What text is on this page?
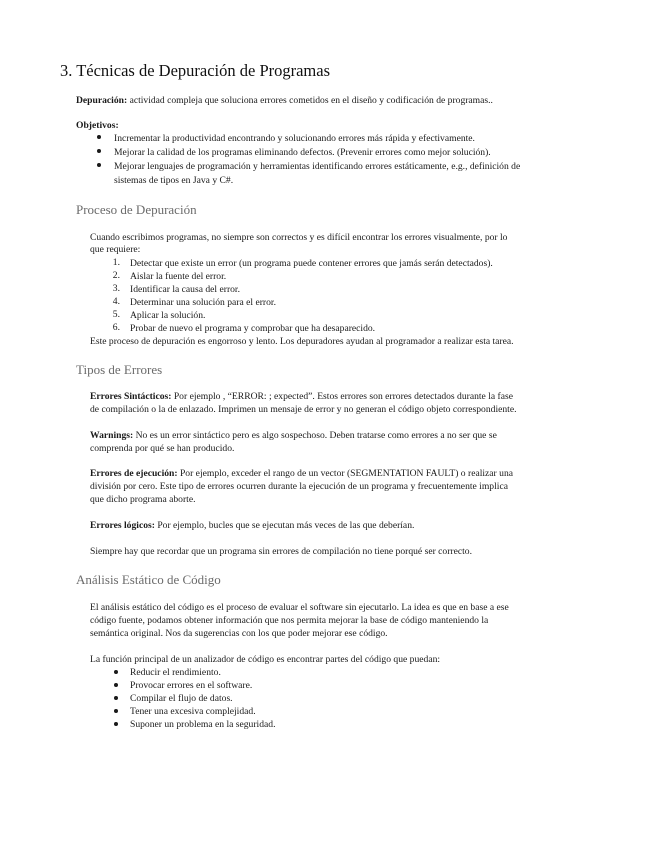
3. Técnicas de Depuración de Programas
Depuración: actividad compleja que soluciona errores cometidos en el diseño y codificación de programas..
Objetivos:
Incrementar la productividad encontrando y solucionando errores más rápida y efectivamente.
Mejorar la calidad de los programas eliminando defectos. (Prevenir errores como mejor solución).
Mejorar lenguajes de programación y herramientas identificando errores estáticamente, e.g., definición de
sistemas de tipos en Java y C#.
Proceso de Depuración
Cuando escribimos programas, no siempre son correctos y es difícil encontrar los errores visualmente, por lo
que requiere:
1. Detectar que existe un error (un programa puede contener errores que jamás serán detectados).
2. Aislar la fuente del error.
3. Identificar la causa del error.
4. Determinar una solución para el error.
5. Aplicar la solución.
6. Probar de nuevo el programa y comprobar que ha desaparecido.
Este proceso de depuración es engorroso y lento. Los depuradores ayudan al programador a realizar esta tarea.
Tipos de Errores
Errores Sintácticos: Por ejemplo , “ERROR: ; expected”. Estos errores son errores detectados durante la fase
de compilación o la de enlazado. Imprimen un mensaje de error y no generan el código objeto correspondiente.
Warnings: No es un error sintáctico pero es algo sospechoso. Deben tratarse como errores a no ser que se
comprenda por qué se han producido.
Errores de ejecución: Por ejemplo, exceder el rango de un vector (SEGMENTATION FAULT) o realizar una
división por cero. Este tipo de errores ocurren durante la ejecución de un programa y frecuentemente implica
que dicho programa aborte.
Errores lógicos: Por ejemplo, bucles que se ejecutan más veces de las que deberían.
Siempre hay que recordar que un programa sin errores de compilación no tiene porqué ser correcto.
Análisis Estático de Código
El análisis estático del código es el proceso de evaluar el software sin ejecutarlo. La idea es que en base a ese
código fuente, podamos obtener información que nos permita mejorar la base de código manteniendo la
semántica original. Nos da sugerencias con los que poder mejorar ese código.
La función principal de un analizador de código es encontrar partes del código que puedan:
Reducir el rendimiento.
Provocar errores en el software.
Compilar el flujo de datos.
Tener una excesiva complejidad.
Suponer un problema en la seguridad.
